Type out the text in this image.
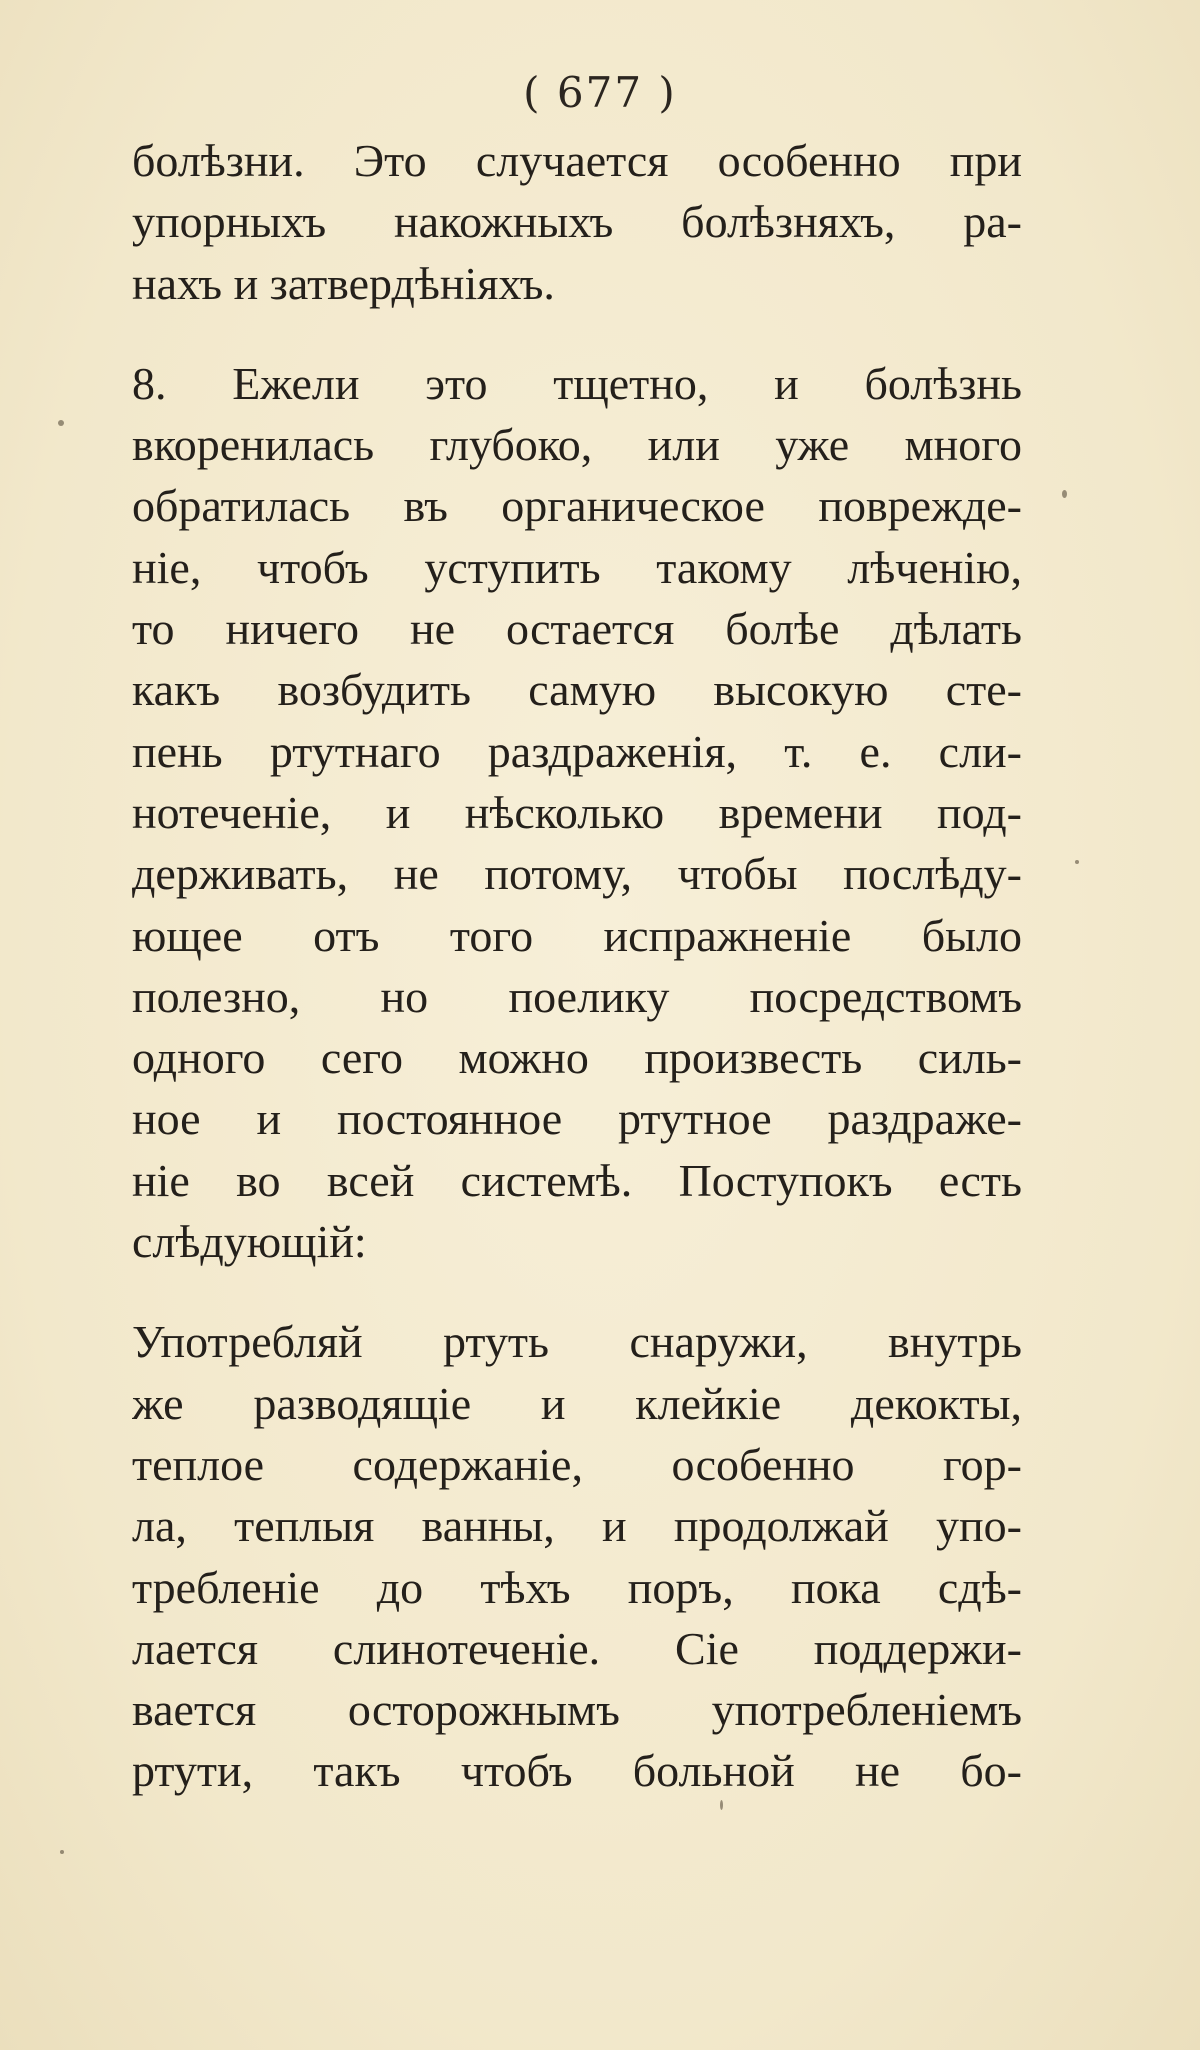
( 677 )
болѣзни. Это случается особенно при
упорныхъ накожныхъ болѣзняхъ, ра-
нахъ и затвердѣнiяхъ.
8. Ежели это тщетно, и болѣзнь
вкоренилась глубоко, или уже много
обратилась въ органическое поврежде-
нiе, чтобъ уступить такому лѣченiю,
то ничего не остается болѣе дѣлать
какъ возбудить самую высокую сте-
пень ртутнаго раздраженiя, т. е. сли-
нотеченiе, и нѣсколько времени под-
держивать, не потому, чтобы послѣду-
ющее отъ того испражненiе было
полезно, но поелику посредствомъ
одного сего можно произвесть силь-
ное и постоянное ртутное раздраже-
нiе во всей системѣ. Поступокъ есть
слѣдующiй:
Употребляй ртуть снаружи, внутрь
же разводящiе и клейкiе декокты,
теплое содержанiе, особенно гор-
ла, теплыя ванны, и продолжай упо-
требленiе до тѣхъ поръ, пока сдѣ-
лается слинотеченiе. Сiе поддержи-
вается осторожнымъ употребленiемъ
ртути, такъ чтобъ больной не бо-
